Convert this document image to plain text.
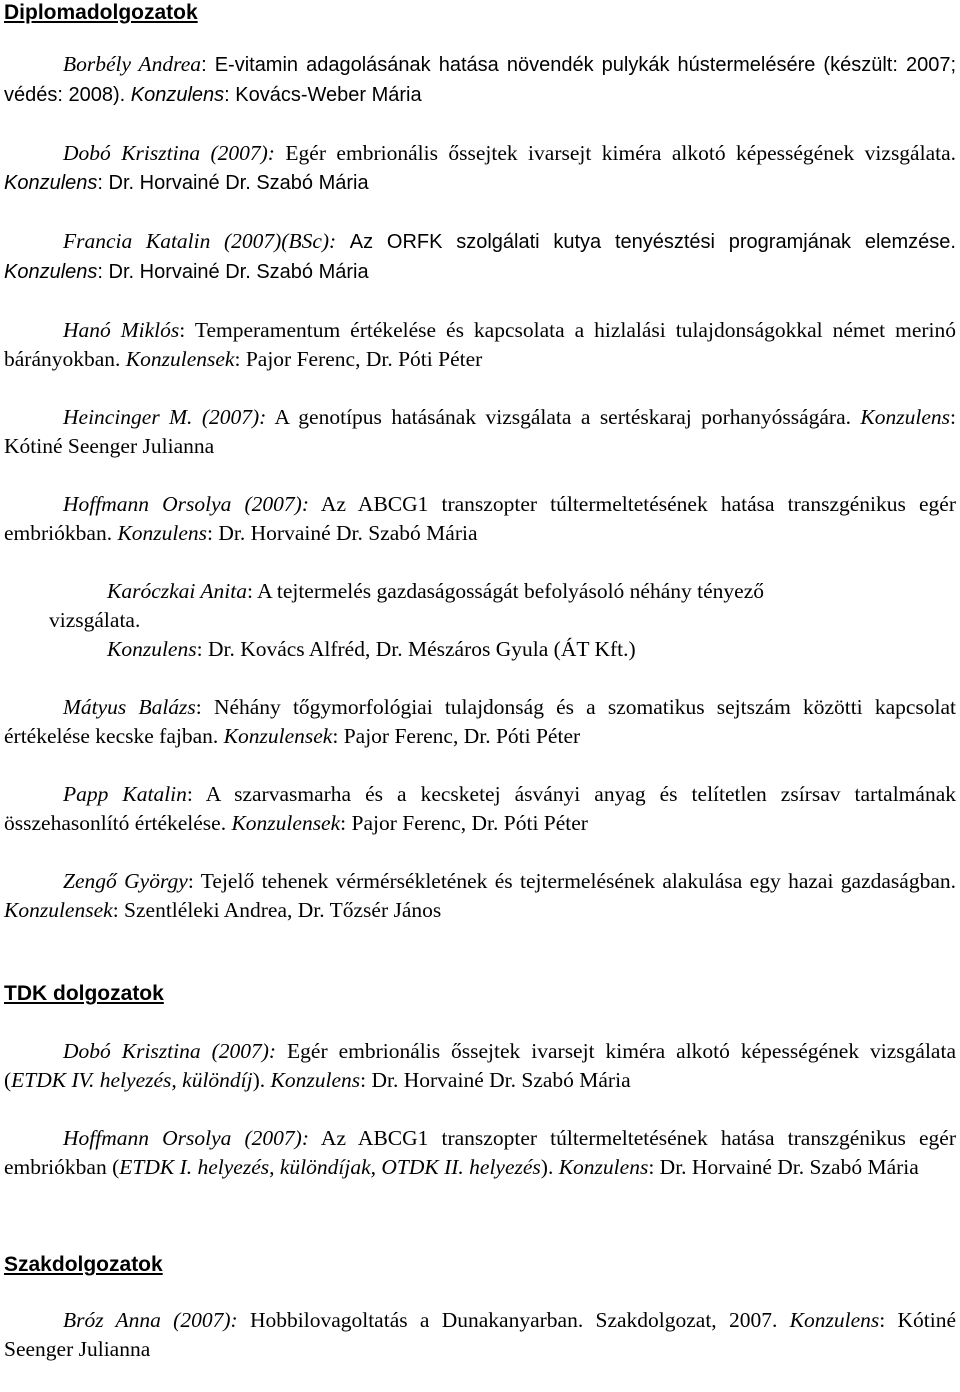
Diplomadolgozatok

Borbély Andrea: E-vitamin adagolásának hatása növendék pulykák hústermelésére (készült: 2007; védés: 2008). Konzulens: Kovács-Weber Mária

Dobó Krisztina (2007): Egér embrionális őssejtek ivarsejt kiméra alkotó képességének vizsgálata. Konzulens: Dr. Horvainé Dr. Szabó Mária

Francia Katalin (2007)(BSc): Az ORFK szolgálati kutya tenyésztési programjának elemzése. Konzulens: Dr. Horvainé Dr. Szabó Mária

Hanó Miklós: Temperamentum értékelése és kapcsolata a hizlalási tulajdonságokkal német merinó bárányokban. Konzulensek: Pajor Ferenc, Dr. Póti Péter

Heincinger M. (2007): A genotípus hatásának vizsgálata a sertéskaraj porhanyósságára. Konzulens: Kótiné Seenger Julianna

Hoffmann Orsolya (2007): Az ABCG1 transzopter túltermeltetésének hatása transzgénikus egér embriókban. Konzulens: Dr. Horvainé Dr. Szabó Mária

Karóczkai Anita: A tejtermelés gazdaságosságát befolyásoló néhány tényező
vizsgálata.
Konzulens: Dr. Kovács Alfréd, Dr. Mészáros Gyula (ÁT Kft.)

Mátyus Balázs: Néhány tőgymorfológiai tulajdonság és a szomatikus sejtszám közötti kapcsolat értékelése kecske fajban. Konzulensek: Pajor Ferenc, Dr. Póti Péter

Papp Katalin: A szarvasmarha és a kecsketej ásványi anyag és telítetlen zsírsav tartalmának összehasonlító értékelése. Konzulensek: Pajor Ferenc, Dr. Póti Péter

Zengő György: Tejelő tehenek vérmérsékletének és tejtermelésének alakulása egy hazai gazdaságban. Konzulensek: Szentléleki Andrea, Dr. Tőzsér János

TDK dolgozatok

Dobó Krisztina (2007): Egér embrionális őssejtek ivarsejt kiméra alkotó képességének vizsgálata (ETDK IV. helyezés, különdíj). Konzulens: Dr. Horvainé Dr. Szabó Mária

Hoffmann Orsolya (2007): Az ABCG1 transzopter túltermeltetésének hatása transzgénikus egér embriókban (ETDK I. helyezés, különdíjak, OTDK II. helyezés). Konzulens: Dr. Horvainé Dr. Szabó Mária

Szakdolgozatok

Bróz Anna (2007): Hobbilovagoltatás a Dunakanyarban. Szakdolgozat, 2007. Konzulens: Kótiné Seenger Julianna
